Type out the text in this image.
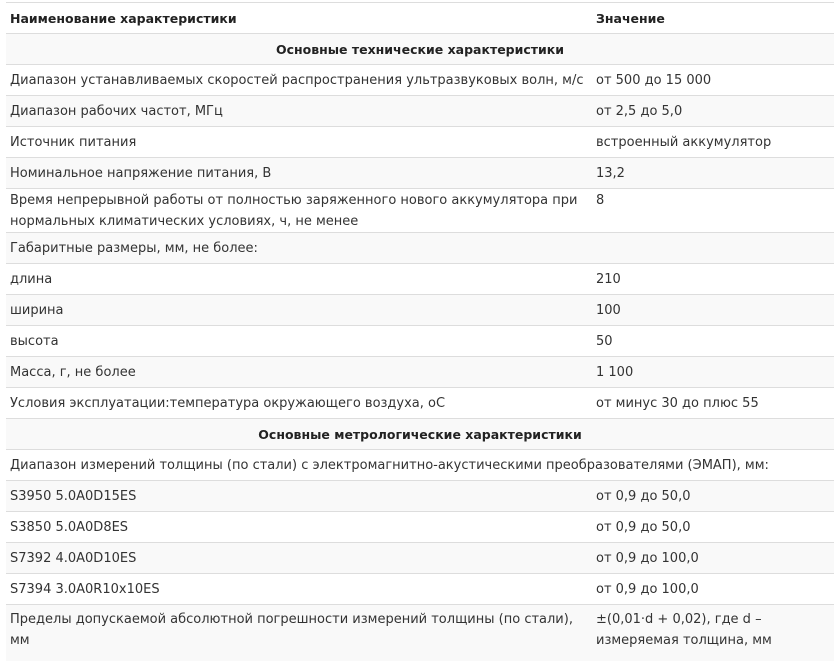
Наименование характеристики	Значение
Основные технические характеристики	
Диапазон устанавливаемых скоростей распространения ультразвуковых волн, м/с	от 500 до 15 000
Диапазон рабочих частот, МГц	от 2,5 до 5,0
Источник питания	встроенный аккумулятор
Номинальное напряжение питания, В	13,2
Время непрерывной работы от полностью заряженного нового аккумулятора при нормальных климатических условиях, ч, не менее	8
Габаритные размеры, мм, не более:	
длина	210
ширина	100
высота	50
Масса, г, не более	1 100
Условия эксплуатации:температура окружающего воздуха, оС	от минус 30 до плюс 55
Основные метрологические характеристики	
Диапазон измерений толщины (по стали) с электромагнитно-акустическими преобразователями (ЭМАП), мм:	
S3950 5.0A0D15ES	от 0,9 до 50,0
S3850 5.0A0D8ES	от 0,9 до 50,0
S7392 4.0A0D10ES	от 0,9 до 100,0
S7394 3.0A0R10x10ES	от 0,9 до 100,0
Пределы допускаемой абсолютной погрешности измерений толщины (по стали), мм	±(0,01·d + 0,02), где d – измеряемая толщина, мм
